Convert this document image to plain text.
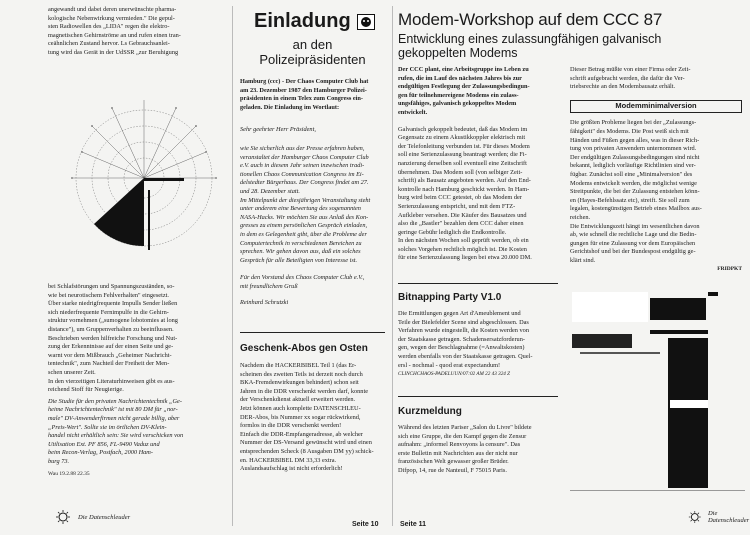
angewandt und dabei deren unerwünschte pharma-
kologische Nebenwirkung vermieden." Die gepul-
sten Radiowellen des „LIDA" regen die elektro-
magnetischen Gehirnströme an und rufen einen tran-
ceähnlichen Zustand hervor. Ls Gebrauchsanlei-
tung wird das Gerät in der UdSSR „zur Beruhigung
bei Schlafstörungen und Spannungszuständen, so-
wie bei neurotischem Fehlverhalten" eingesetzt.
Über starke niedrigfrequente Impulls Sender ließen
sich niederfrequente Fernimpulfe in die Gehirn-
struktur vornehmen („sumogene lobotomies at long
distance"), um Gruppenverhalten zu beeinflussen.
Beschrieben werden hilfreiche Forschung und Nut-
zung der Erkenntnisse auf der einen Seite und ge-
warnt vor dem Mißbrauch „Geheimer Nachricht-
tentechnik", zum Nachteil der Freiheit der Men-
schen unserer Zeit.
In den vierzeitigen Literaturhinweisen gibt es aus-
reichend Stoff für Neugierige.
Die Studie für den privaten Nachrichtentechnik „Ge-
heime Nachrichtentechnik" ist mit 80 DM für „nor-
male" DV-Anwenderfirmen nicht gerade billig, aber
„Preis-Wert". Sollte sie im örtlichen DV-Klein-
handel nicht erhältlich sein: Sie wird verschicken von
Utilisation Ext. PF 856, FL-9490 Vaduz und
beim Recon-Verlag, Postfach, 2000 Ham-
burg 73.
Wau 19.2.88 22.35
Die Datenschleuder
Einladung
an den
Polizeipräsidenten
Hamburg (ccc) - Der Chaos Computer Club hat
am 23. Dezember 1987 den Hamburger Polizei-
präsidenten in einem Telex zum Congress ein-
geladen. Die Einladung im Wortlaut:
Sehr geehrter Herr Präsident,
wie Sie sicherlich aus der Presse erfahren haben,
veranstaltet der Hamburger Chaos Computer Club
e.V. auch in diesem Jahr seinen inzwischen tradi-
tionellen Chaos Communication Congress im Ei-
delstedter Bürgerhaus. Der Congress findet am 27.
und 28. Dezember statt.
Im Mittelpunkt der diesjährigen Veranstaltung steht
unter anderem eine Bewertung des sogenannten
NASA-Hacks. Wir möchten Sie aus Anlaß des Kon-
gresses zu einem persönlichen Gespräch einladen,
in dem es Gelegenheit gibt, über die Probleme der
Computertechnik in verschiedenen Bereichen zu
sprechen. Wir gehen davon aus, daß ein solches
Gespräch für alle Beteiligten von Interesse ist.
Für den Vorstand des Chaos Computer Club e.V.,
mit freundlichem Gruß
Reinhard Schrutzki
Geschenk-Abos gen Osten
Nachdem die HACKERBIBEL Teil 1 (das Er-
scheinen des zweiten Teils ist derzeit noch durch
BKA-Fremdenwirkungen behindert) schon seit
Jahren in die DDR verschenkt werden darf, konnte
der Verschenkdienst aktuell erweitert werden.
Jetzt können auch komplette DATENSCHLEU-
DER-Abos, bis Nummer xx sogar rückwirkend,
formlos in die DDR verschenkt werden!
Einfach die DDR-Empfangeradresse, ab welcher
Nummer der DS-Versand gewünscht wird und einen
entsprechenden Scheck (8 Ausgaben DM yy) schick-
en. HACKERBIBEL DM 33,33 extra.
Auslandsaufschlag ist nicht erforderlich!
Seite 10
Modem-Workshop auf dem CCC 87
Entwicklung eines zulassungfähigen galvanisch
gekoppelten Modems
Der CCC plant, eine Arbeitsgruppe ins Leben zu
rufen, die im Lauf des nächsten Jahres bis zur
endgültigen Festlegung der Zulassungsbedingun-
gen für teilnehmereigene Modems ein zulass-
ungsfähiges, galvanisch gekoppeltes Modem
entwickelt.
Galvanisch gekoppelt bedeutet, daß das Modem im
Gegensatz zu einem Akustikkoppler elektrisch mit
der Telefonleitung verbunden ist. Für dieses Modem
soll eine Serienzulassung beantragt werden; die Fi-
nanzierung derselben soll eventuell eine Zeitschrift
übernehmen. Das Modem soll (von selbiger Zeit-
schrift) als Bausatz angeboten werden. Auf den End-
kontrolle nach Hamburg geschickt werden. In Ham-
burg wird beim CCC getestet, ob das Modem der
Serienzulassung entspricht, und mit dem FTZ-
Aufkleber versehen. Die Käufer des Bausatzes und
also die „Bastler" bezahlen dem CCC daher einen
geringe Gebühr lediglich die Endkontrolle.
In den nächsten Wochen soll geprüft werden, ob ein
solches Vorgehen rechtlich möglich ist. Die Kosten
für eine Serienzulassung liegen bei etwa 20.000 DM.
Dieser Betrag müßte von einer Firma oder Zeit-
schrift aufgebracht werden, die dafür die Ver-
triebsrechte an den Modembausatz erhält.
Modemminimalversion
Die größten Probleme liegen bei der „Zulassungs-
fähigkeit" des Modems. Die Post weiß sich mit
Händen und Füßen gegen alles, was in dieser Rich-
tung von privaten Anwendern unternommen wird.
Der endgültigen Zulassungsbedingungen sind nicht
bekannt, lediglich vorläufige Richtlinien sind ver-
fügbar. Zunächst soll eine „Minimalversion" des
Modems entwickelt werden, die möglichst wenige
Streitpunkte, die bei der Zulassung entstehen könn-
en (Hayes-Befehlssatz etc), streift. Sie soll zum
legalen, kostengünstigen Betrieb eines Mailbox aus-
reichen.
Die Entwicklungszeit hängt im wesentlichen davon
ab, wie schnell die rechtliche Lage und die Bedin-
gungen für eine Zulassung vor dem Europäischen
Gerichtshof und bei der Bundespost endgültig ge-
klärt sind.
FRIDPKT
Bitnapping Party V1.0
Die Ermittlungen gegen Art d'Ameublement und
Teile der Bielefelder Scene sind abgeschlossen. Das
Verfahren wurde eingestellt, die Kosten werden von
der Staatskasse getragen. Schadensersatzforderun-
gen, wegen der Beschlagnahme (=Anwaltskosten)
werden ebenfalls von der Staatskasse getragen. Quel-
ersl - nochmal - quod erat expectandum!
CLINCHCHAOS-PADELUUN/07:02 AM 22 43 324 Z
Kurzmeldung
Während des letzten Pariser „Salon du Livre" bildete
sich eine Gruppe, die den Kampf gegen die Zensur
aufnahm: „informel Renvoyons la censure". Das
erste Bulletin mit Nachrichten aus der nicht nur
französischen Welt gewasser großer Brüder.
Difpop, 14, rue de Nanteuil, F 75015 Paris.
Seite 11
Die Datenschleuder
